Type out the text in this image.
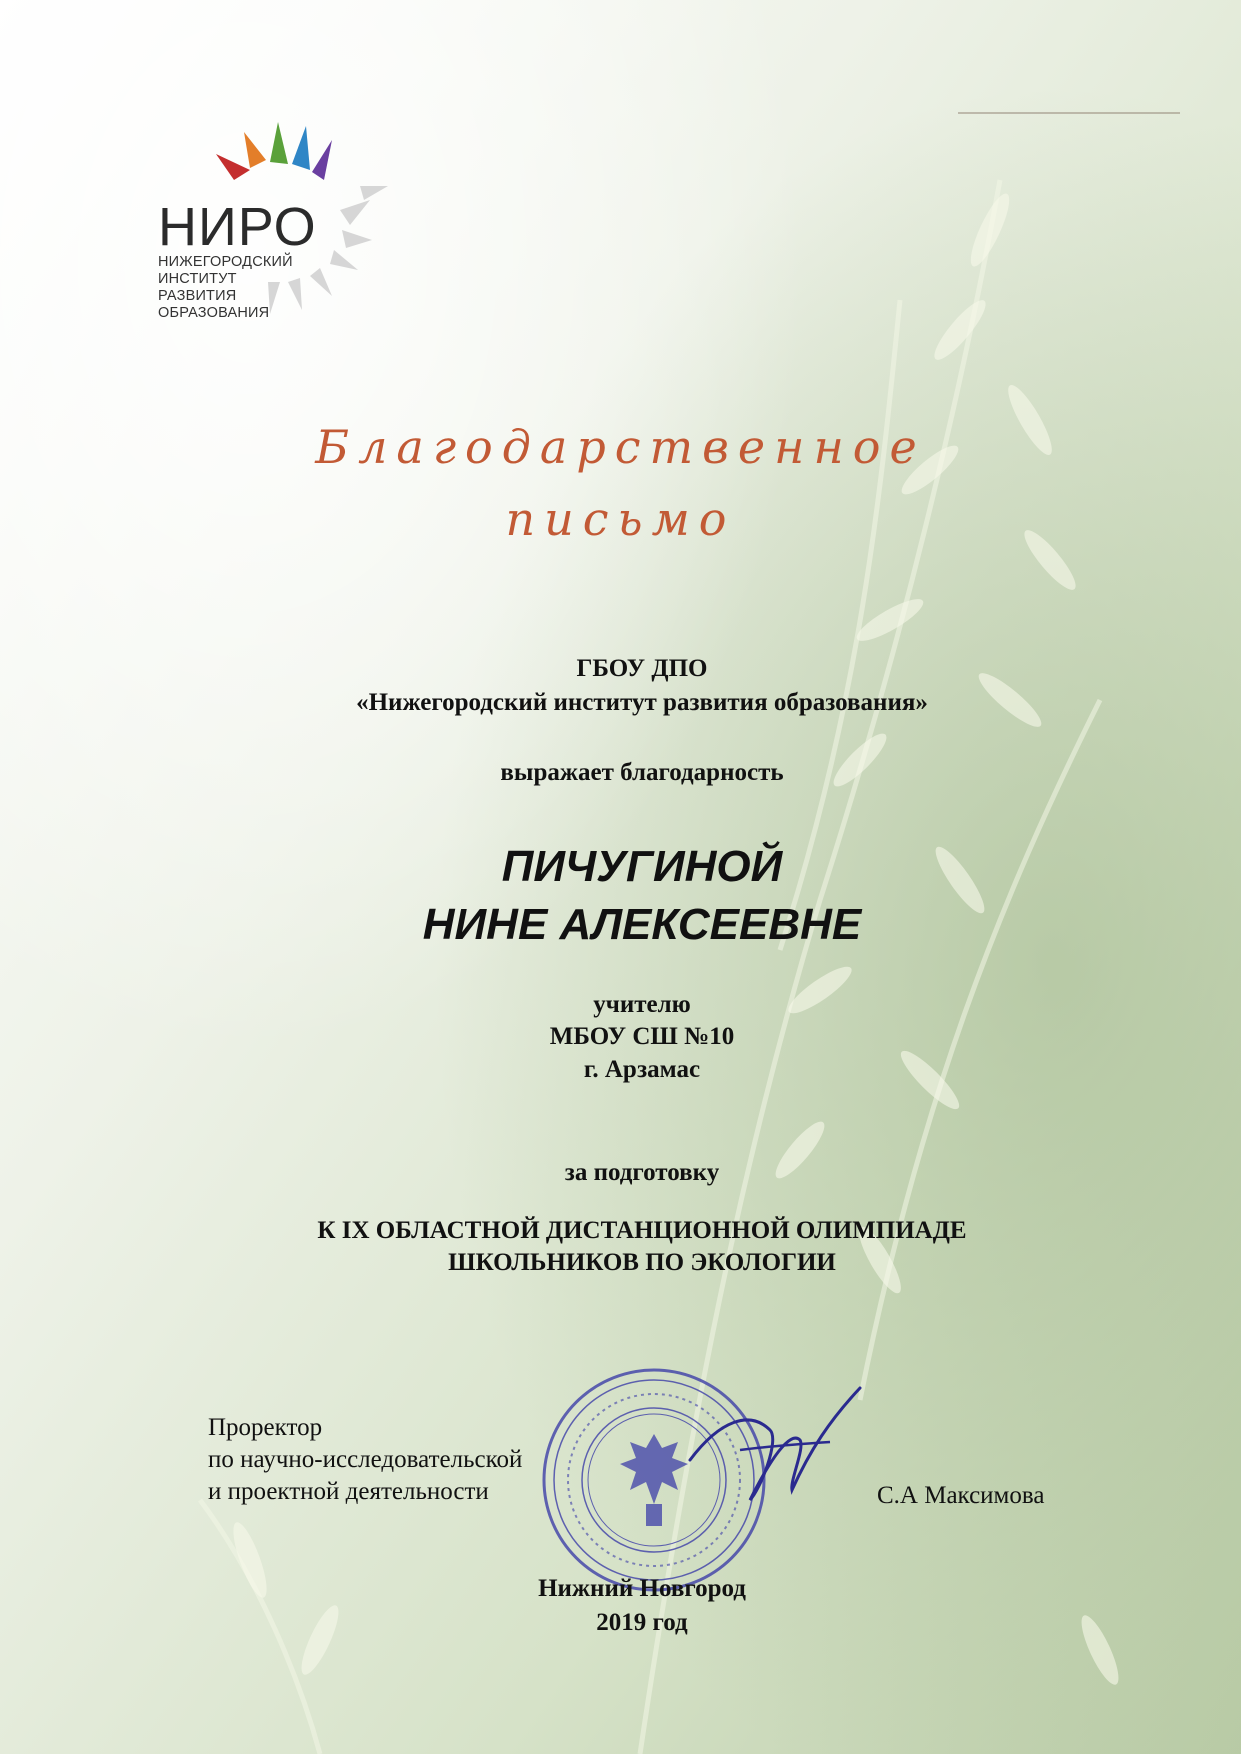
НИРО
НИЖЕГОРОДСКИЙ
ИНСТИТУТ
РАЗВИТИЯ
ОБРАЗОВАНИЯ
Благодарственное
письмо
ГБОУ ДПО
«Нижегородский институт развития образования»
выражает благодарность
ПИЧУГИНОЙ
НИНЕ АЛЕКСЕЕВНЕ
учителю
МБОУ СШ №10
г. Арзамас
за подготовку
К IX ОБЛАСТНОЙ ДИСТАНЦИОННОЙ ОЛИМПИАДЕ
ШКОЛЬНИКОВ ПО ЭКОЛОГИИ
Проректор
по научно-исследовательской
и проектной деятельности	С.А Максимова
Нижний Новгород
2019 год
